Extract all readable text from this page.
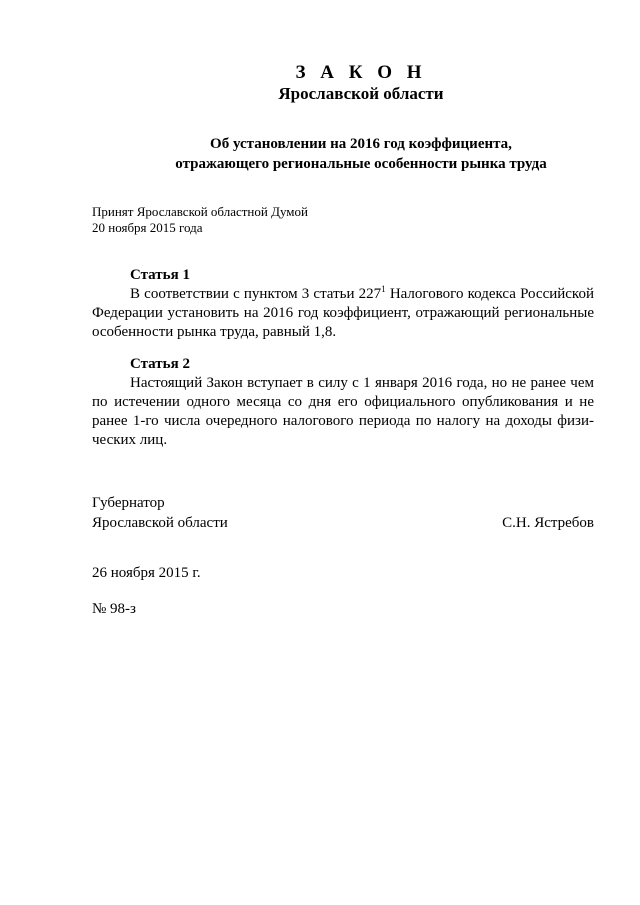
З А К О Н
Ярославской области
Об установлении на 2016 год коэффициента,
отражающего региональные особенности рынка труда
Принят Ярославской областной Думой
20 ноября 2015 года

Статья 1

В соответствии с пунктом 3 статьи $227^1$ Налогового кодекса Российской Федерации установить на 2016 год коэффициент, отражающий региональные особенности рынка труда, равный 1,8.

Статья 2

Настоящий Закон вступает в силу с 1 января 2016 года, но не ранее чем по истечении одного месяца со дня его официального опубликования и не ранее 1-го числа очередного налогового периода по налогу на доходы физических лиц.

Губернатор
Ярославской области	С.Н. Ястребов
26 ноября 2015 г.
№ 98-з
